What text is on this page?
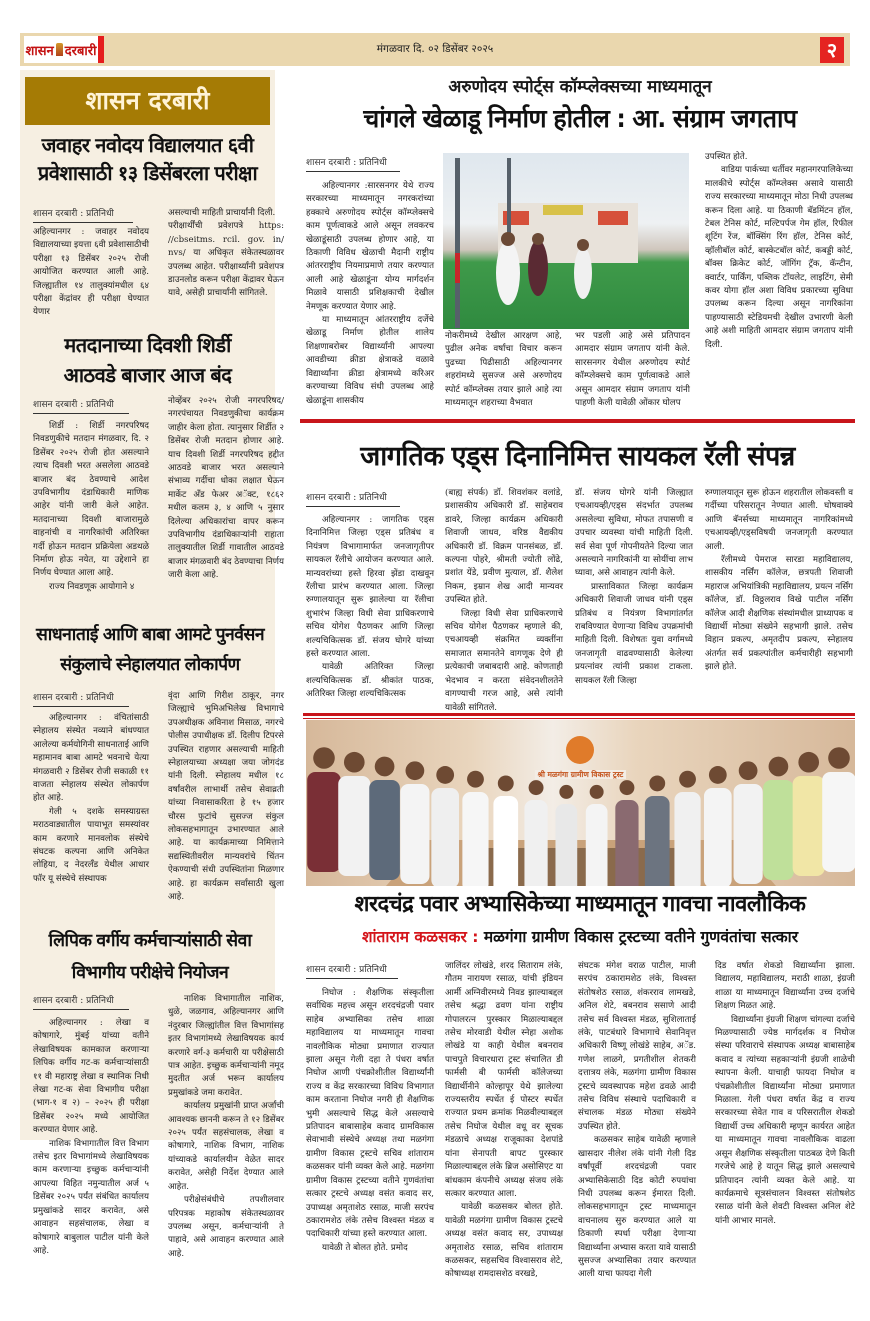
शासन दरबारी	मंगळवार दि. ०२ डिसेंबर २०२५	२
शासन दरबारी
जवाहर नवोदय विद्यालयात ६वी
प्रवेशासाठी १३ डिसेंबरला परीक्षा
शासन दरबारी : प्रतिनिधी

अहिल्यानगर : जवाहर नवोदय विद्यालयाच्या इयत्ता ६वी प्रवेशासाठीची परीक्षा १३ डिसेंबर २०२५ रोजी आयोजित करण्यात आली आहे. जिल्ह्यातील १४ तालुक्यांमधील ६४ परीक्षा केंद्रांवर ही परीक्षा घेण्यात येणार

असल्याची माहिती प्राचार्यांनी दिली.

परीक्षार्थींची प्रवेशपत्रे https: //cbseitms. rcil. gov. in/ nvs/ या अधिकृत संकेतस्थळावर उपलब्ध आहेत. परीक्षार्थ्यांनी प्रवेशपत्र डाउनलोड करून परीक्षा केंद्रावर घेऊन यावे, असेही प्राचार्यांनी सांगितले.

मतदानाच्या दिवशी शिर्डी
आठवडे बाजार आज बंद
शासन दरबारी : प्रतिनिधी

शिर्डी : शिर्डी नगरपरिषद निवडणुकीचे मतदान मंगळवार, दि. २ डिसेंबर २०२५ रोजी होत असल्याने त्याच दिवशी भरत असलेला आठवडे बाजार बंद ठेवण्याचे आदेश उपविभागीय दंडाधिकारी माणिक आहेर यांनी जारी केले आहेत. मतदानाच्या दिवशी बाजारामुळे वाहनांची व नागरिकांची अतिरिक्त गर्दी होऊन मतदान प्रक्रियेला अडथळे निर्माण होऊ नयेत, या उद्देशाने हा निर्णय घेण्यात आला आहे.

राज्य निवडणूक आयोगाने ४

नोव्हेंबर २०२५ रोजी नगरपरिषद/ नगरपंचायत निवडणुकीचा कार्यक्रम जाहीर केला होता. त्यानुसार शिर्डीत २ डिसेंबर रोजी मतदान होणार आहे. याच दिवशी शिर्डी नगरपरिषद हद्दीत आठवडे बाजार भरत असल्याने संभाव्य गर्दीचा धोका लक्षात घेऊन मार्केट अँड फेअर अॅक्ट, १८६२ मधील कलम ३, ४ आणि ५ नुसार दिलेल्या अधिकारांचा वापर करून उपविभागीय दंडाधिकाऱ्यांनी राहाता तालुक्यातील शिर्डी गावातील आठवडे बाजार मंगळवारी बंद ठेवण्याचा निर्णय जारी केला आहे.

साधनाताई आणि बाबा आमटे पुनर्वसन
संकुलाचे स्नेहालयात लोकार्पण
शासन दरबारी : प्रतिनिधी

अहिल्यानगर : वंचितांसाठी स्नेहालय संस्थेत नव्याने बांधण्यात आलेल्या कर्मयोगिनी साधनाताई आणि महामानव बाबा आमटे भवनाचे येत्या मंगळवारी २ डिसेंबर रोजी सकाळी ११ वाजता स्नेहालय संस्थेत लोकार्पण होत आहे.

गेली ५ दशके समस्याग्रस्त मराठवाड्यातील पायाभूत समस्यांवर काम करणारे मानवलोक संस्थेचे संघटक कल्पना आणि अनिकेत लोहिया, द नेदरलँड येथील आधार फॉर यू संस्थेचे संस्थापक

वृंदा आणि गिरीश ठाकूर, नगर जिल्ह्याचे भुमिअभिलेख विभागाचे उपअधीक्षक अविनाश मिसाळ, नगरचे पोलीस उपाधीक्षक डॉ. दिलीप टिपरसे उपस्थित राहणार असल्याची माहिती स्नेहालयाच्या अध्यक्षा जया जोगदंड यांनी दिली. स्नेहालय मधील १८ वर्षांवरील लाभार्थी तसेच सेवाव्रती यांच्या निवासाकरिता हे १५ हजार चौरस फुटांचे सुसज्ज संकुल लोकसहभागातून उभारण्यात आले आहे. या कार्यक्रमाच्या निमित्ताने सद्यस्थितीवरील मान्यवरांचे चिंतन ऐकण्याची संधी उपस्थितांना मिळणार आहे. हा कार्यक्रम सर्वांसाठी खुला आहे.

लिपिक वर्गीय कर्मचाऱ्यांसाठी सेवा
विभागीय परीक्षेचे नियोजन
शासन दरबारी : प्रतिनिधी

अहिल्यानगर : लेखा व कोषागारे, मुंबई यांच्या वतीने लेखाविषयक कामकाज करणाऱ्या लिपिक वर्गीय गट-क कर्मचाऱ्यांसाठी ११ वी महाराष्ट्र लेखा व स्थानिक निधी लेखा गट-क सेवा विभागीय परीक्षा (भाग-१ व २) – २०२५ ही परीक्षा डिसेंबर २०२५ मध्ये आयोजित करण्यात येणार आहे.

नाशिक विभागातील वित्त विभाग तसेच इतर विभागांमध्ये लेखाविषयक काम करणाऱ्या इच्छुक कर्मचाऱ्यांनी आपल्या विहित नमुन्यातील अर्ज ५ डिसेंबर २०२५ पर्यंत संबंधित कार्यालय प्रमुखांकडे सादर करावेत, असे आवाहन सहसंचालक, लेखा व कोषागारे बाबुलाल पाटील यांनी केले आहे.

नाशिक विभागातील नाशिक, धुळे, जळगाव, अहिल्यानगर आणि नंदुरबार जिल्ह्यांतील वित्त विभागांसह इतर विभागांमध्ये लेखाविषयक कार्य करणारे वर्ग-३ कर्मचारी या परीक्षेसाठी पात्र आहेत. इच्छुक कर्मचाऱ्यांनी नमूद मुदतीत अर्ज भरून कार्यालय प्रमुखांकडे जमा करावेत.

कार्यालय प्रमुखांनी प्राप्त अर्जांची आवश्यक छाननी करून ते १२ डिसेंबर २०२५ पर्यंत सहसंचालक, लेखा व कोषागारे, नाशिक विभाग, नाशिक यांच्याकडे कार्यालयीन वेळेत सादर करावेत, असेही निर्देश देण्यात आले आहेत.

परीक्षेसंबंधीचे तपशीलवार परिपत्रक महाकोष संकेतस्थळावर उपलब्ध असून, कर्मचाऱ्यांनी ते पाहावे, असे आवाहन करण्यात आले आहे.

अरुणोदय स्पोर्ट्स कॉम्प्लेक्सच्या माध्यमातून
चांगले खेळाडू निर्माण होतील : आ. संग्राम जगताप
शासन दरबारी : प्रतिनिधी

अहिल्यानगर :सारसनगर येथे राज्य सरकारच्या माध्यमातून नगरकरांच्या हक्काचे अरुणोदय स्पोर्ट्स कॉम्प्लेक्सचे काम पूर्णत्वाकडे आले असून लवकरच खेळाडूंसाठी उपलब्ध होणार आहे, या ठिकाणी विविध खेळाची मैदानी राष्ट्रीय आंतरराष्ट्रीय नियमाप्रमाणे तयार करण्यात आली आहे खेळाडूंना योग्य मार्गदर्शन मिळावे यासाठी प्रशिक्षकाची देखील नेमणूक करण्यात येणार आहे.

या माध्यमातून आंतरराष्ट्रीय दर्जेचे खेळाडू निर्माण होतील शालेय शिक्षणाबरोबर विद्यार्थ्यांनी आपल्या आवडीच्या क्रीडा क्षेत्राकडे वळावे विद्यार्थ्यांना क्रीडा क्षेत्रामध्ये करिअर करण्याच्या विविध संधी उपलब्ध आहे खेळाडूंना शासकीय

नोकरीमध्ये देखील आरक्षण आहे, पुढील अनेक वर्षांचा विचार करून पुढच्या पिढीसाठी अहिल्यानगर शहरांमध्ये सुसज्ज असे अरुणोदय स्पोर्ट कॉम्प्लेक्स तयार झाले आहे त्या माध्यमातून शहराच्या वैभवात

भर पडली आहे असे प्रतिपादन आमदार संग्राम जगताप यांनी केले. सारसनगर येथील अरुणोदय स्पोर्ट कॉम्प्लेक्सचे काम पूर्णत्वाकडे आले असून आमदार संग्राम जगताप यांनी पाहणी केली यावेळी ओंकार घोलप

उपस्थित होते.

वाडिया पार्कच्या धर्तीवर महानगरपालिकेच्या मालकीचे स्पोर्ट्स कॉम्प्लेक्स असावे यासाठी राज्य सरकारच्या माध्यमातून मोठा निधी उपलब्ध करून दिला आहे. या ठिकाणी बॅडमिंटन हॉल, टेबल टेनिस कोर्ट, मल्टिपर्पज गेम हॉल, रिफील शूटिंग रेंज, बॉक्सिंग रिंग हॉल, टेनिस कोर्ट, व्हॉलीबॉल कोर्ट, बास्केटबॉल कोर्ट, कबड्डी कोर्ट, बॉक्स क्रिकेट कोर्ट, जॉगिंग ट्रॅक, कॅन्टीन, क्वार्टर, पार्किंग, पब्लिक टॉयलेट, लाइटिंग, सेमी कवर योगा हॉल अशा विविध प्रकारच्या सुविधा उपलब्ध करून दिल्या असून नागरिकांना पाहण्यासाठी स्टेडियमची देखील उभारणी केली आहे अशी माहिती आमदार संग्राम जगताप यांनी दिली.

जागतिक एड्स दिनानिमित्त सायकल रॅली संपन्न
शासन दरबारी : प्रतिनिधी

अहिल्यानगर : जागतिक एड्स दिनानिमित्त जिल्हा एड्स प्रतिबंध व नियंत्रण विभागामार्फत जनजागृतीपर सायकल रॅलीचे आयोजन करण्यात आले. मान्यवरांच्या हस्ते हिरवा झेंडा दाखवून रॅलीचा प्रारंभ करण्यात आला. जिल्हा रुग्णालयातून सुरू झालेल्या या रॅलीचा शुभारंभ जिल्हा विधी सेवा प्राधिकरणाचे सचिव योगेश पैठणकर आणि जिल्हा शल्यचिकित्सक डॉ. संजय घोगरे यांच्या हस्ते करण्यात आला.

यावेळी अतिरिक्त जिल्हा शल्यचिकित्सक डॉ. श्रीकांत पाठक, अतिरिक्त जिल्हा शल्यचिकित्सक

(बाह्य संपर्क) डॉ. शिवशंकर वलांडे, प्रशासकीय अधिकारी डॉ. साहेबराव डावरे, जिल्हा कार्यक्रम अधिकारी शिवाजी जाधव, वरिष्ठ वैद्यकीय अधिकारी डॉ. विक्रम पानसंबळ, डॉ. कल्पना पोहरे, श्रीमती ज्योती लोंढे, प्रशांत येंडे, प्रवीण मुत्याल, डॉ. शैलेश निकम, इम्रान शेख आदी मान्यवर उपस्थित होते.

जिल्हा विधी सेवा प्राधिकरणाचे सचिव योगेश पैठणकर म्हणाले की, एचआयव्ही संक्रमित व्यक्तींना समाजात समानतेने वागणूक देणे ही प्रत्येकाची जबाबदारी आहे. कोणताही भेदभाव न करता संवेदनशीलतेने वागण्याची गरज आहे, असे त्यांनी यावेळी सांगितले.

डॉ. संजय घोगरे यांनी जिल्ह्यात एचआयव्ही/एड्स संदर्भात उपलब्ध असलेल्या सुविधा, मोफत तपासणी व उपचार व्यवस्था यांची माहिती दिली. सर्व सेवा पूर्ण गोपनीयतेने दिल्या जात असल्याने नागरिकांनी या सोयींचा लाभ घ्यावा, असे आवाहन त्यांनी केले.

प्रास्ताविकात जिल्हा कार्यक्रम अधिकारी शिवाजी जाधव यांनी एड्स प्रतिबंध व नियंत्रण विभागांतर्गत राबविण्यात येणाऱ्या विविध उपक्रमांची माहिती दिली. विशेषतः युवा वर्गामध्ये जनजागृती वाढवण्यासाठी केलेल्या प्रयत्नांवर त्यांनी प्रकाश टाकला. सायकल रॅली जिल्हा

रुग्णालयातून सुरू होऊन शहरातील लोकवस्ती व गर्दीच्या परिसरातून नेण्यात आली. घोषवाक्ये आणि बॅनर्सच्या माध्यमातून नागरिकांमध्ये एचआयव्ही/एड्सविषयी जनजागृती करण्यात आली.

रॅलीमध्ये पेमराज सारडा महाविद्यालय, शासकीय नर्सिंग कॉलेज, छत्रपती शिवाजी महाराज अभियांत्रिकी महाविद्यालय, प्रयत्न नर्सिंग कॉलेज, डॉ. विठ्ठलराव विखे पाटील नर्सिंग कॉलेज आदी शैक्षणिक संस्थांमधील प्राध्यापक व विद्यार्थी मोठ्या संख्येने सहभागी झाले. तसेच विहान प्रकल्प, अमृतदीप प्रकल्प, स्नेहालय अंतर्गत सर्व प्रकल्पांतील कर्मचारीही सहभागी झाले होते.

श्री मळगंगा ग्रामीण विकास ट्रस्ट
शरदचंद्र पवार अभ्यासिकेच्या माध्यमातून गावचा नावलौकिक
शांताराम कळसकर : मळगंगा ग्रामीण विकास ट्रस्टच्या वतीने गुणवंतांचा सत्कार
शासन दरबारी : प्रतिनिधी

निघोज : शैक्षणिक संस्कृतीला सर्वाधिक महत्त्व असून शरदचंद्रजी पवार साहेब अभ्यासिका तसेच शाळा महाविद्यालय या माध्यमातून गावचा नावलौकिक मोठ्या प्रमाणात राज्यात झाला असून गेली दहा ते पंधरा वर्षात निघोज आणी पंचक्रोशीतील विद्यार्थ्यांनी राज्य व केंद्र सरकारच्या विविध विभागात काम करताना निघोज नगरी ही शैक्षणिक भुमी असल्याचे सिद्ध केले असल्याचे प्रतिपादन बाबासाहेब कवाद ग्रामविकास सेवाभावी संस्थेचे अध्यक्ष तथा मळगंगा ग्रामीण विकास ट्रस्टचे सचिव शांताराम कळसकर यांनी व्यक्त केले आहे. मळगंगा ग्रामीण विकास ट्रस्टच्या वतीने गुणवंतांचा सत्कार ट्रस्टचे अध्यक्ष वसंत कवाद सर, उपाध्यक्ष अमृताशेठ रसाळ, माजी सरपंच ठकारामशेठ लंके तसेच विश्वस्त मंडळ व पदाधिकारी यांच्या हस्ते करण्यात आला.

यावेळी ते बोलत होते. प्रमोद

जालिंदर लोखंडे, शरद सिताराम लंके, गौतम नारायण रसाळ, यांची इंडियन आर्मी अग्निवीरमध्ये निवड झाल्याबद्दल तसेच श्रद्धा ढवण यांना राष्ट्रीय गोपालरत्न पुरस्कार मिळाल्याबद्दल तसेच मोरवाडी येथील स्नेहा अशोक लोखंडे या काही येथील बबनराव पाचपुते विचारधारा ट्रस्ट संचालित डी फार्मसी बी फार्मसी कॉलेजच्या विद्यार्थीनीने कोल्हापूर येथे झालेल्या राज्यस्तरीय स्पर्धेत ई पोस्टर स्पर्धेत राज्यात प्रथम क्रमांक मिळवील्याबद्दल तसेच निघोज येथील वधू वर सूचक मंडळाचे अध्यक्ष राजूकाका देशपांडे यांना सेनापती बापट पुरस्कार मिळाल्याबद्दल लंके ब्रिज असोसिएट या बांधकाम कंपनीचे अध्यक्ष संजय लंके सत्कार करण्यात आला.

यावेळी कळसकर बोलत होते. यावेळी मळगंगा ग्रामीण विकास ट्रस्टचे अध्यक्ष वसंत कवाद सर, उपाध्यक्ष अमृताशेठ रसाळ, सचिव शांताराम कळसकर, सहसचिव विश्वासराव शेटे, कोषाध्यक्ष रामदासशेठ वरखडे,

संघटक मंगेश वराळ पाटील, माजी सरपंच ठकारामशेठ लंके, विश्वस्त संतोषशेठ रसाळ, शंकरराव लामखडे, अनिल शेटे, बबनराव ससाणे आदी तसेच सर्व विश्वस्त मंडळ, सुशिलाताई लंके, पाटबंधारे विभागाचे सेवानिवृत्त अधिकारी विष्णू लोखंडे साहेब, अॅड. गणेश लाळगे, प्रगतीशील शेतकरी दत्तात्रय लंके, मळगंगा ग्रामीण विकास ट्रस्टचे व्यवस्थापक महेश ढवळे आदी तसेच विविध संस्थाचे पदाधिकारी व संचालक मंडळ मोठ्या संख्येने उपस्थित होते.

कळसकर साहेब यावेळी म्हणाले खासदार नीलेश लंके यांनी गेली दिड वर्षांपूर्वी शरदचंद्रजी पवार अभ्यासिकेसाठी दिड कोटी रुपयांचा निधी उपलब्ध करून ईमारत दिली. लोकसहभागातून ट्रस्ट माध्यमातून वाचनालय सुरु करण्यात आले या ठिकाणी स्पर्धा परीक्षा देणाऱ्या विद्यार्थ्यांना अभ्यास करता यावे यासाठी सुसज्ज अभ्यासिका तयार करण्यात आली याचा फायदा गेली

दिड वर्षात शेकडो विद्यार्थ्यांना झाला. विद्यालय, महाविद्यालय, मराठी शाळा, इंग्रजी शाळा या माध्यमातून विद्यार्थ्यांना उच्च दर्जाचे शिक्षण मिळत आहे.

विद्यार्थ्यांना इंग्रजी शिक्षण चांगल्या दर्जाचे मिळण्यासाठी ज्येष्ठ मार्गदर्शक व निघोज संस्था परिवाराचे संस्थापक अध्यक्ष बाबासाहेब कवाद व त्यांच्या सहकाऱ्यांनी इंग्रजी शाळेची स्थापना केली. याचाही फायदा निघोज व पंचक्रोशीतील विद्यार्थ्यांना मोठ्या प्रमाणात मिळाला. गेली पंधरा वर्षात केंद्र व राज्य सरकारच्या सेवेत गाव व परिसरातील शेकडो विद्यार्थी उच्च अधिकारी म्हणून कार्यरत आहेत या माध्यमातून गावचा नावलौकिक वाढला असून शैक्षणिक संस्कृतीला पाठबळ देणे किती गरजेचे आहे हे यातून सिद्ध झाले असल्याचे प्रतिपादन त्यांनी व्यक्त केले आहे. या कार्यक्रमाचे सूत्रसंचालन विश्वस्त संतोषशेठ रसाळ यांनी केले शेवटी विश्वस्त अनिल शेटे यांनी आभार मानले.
